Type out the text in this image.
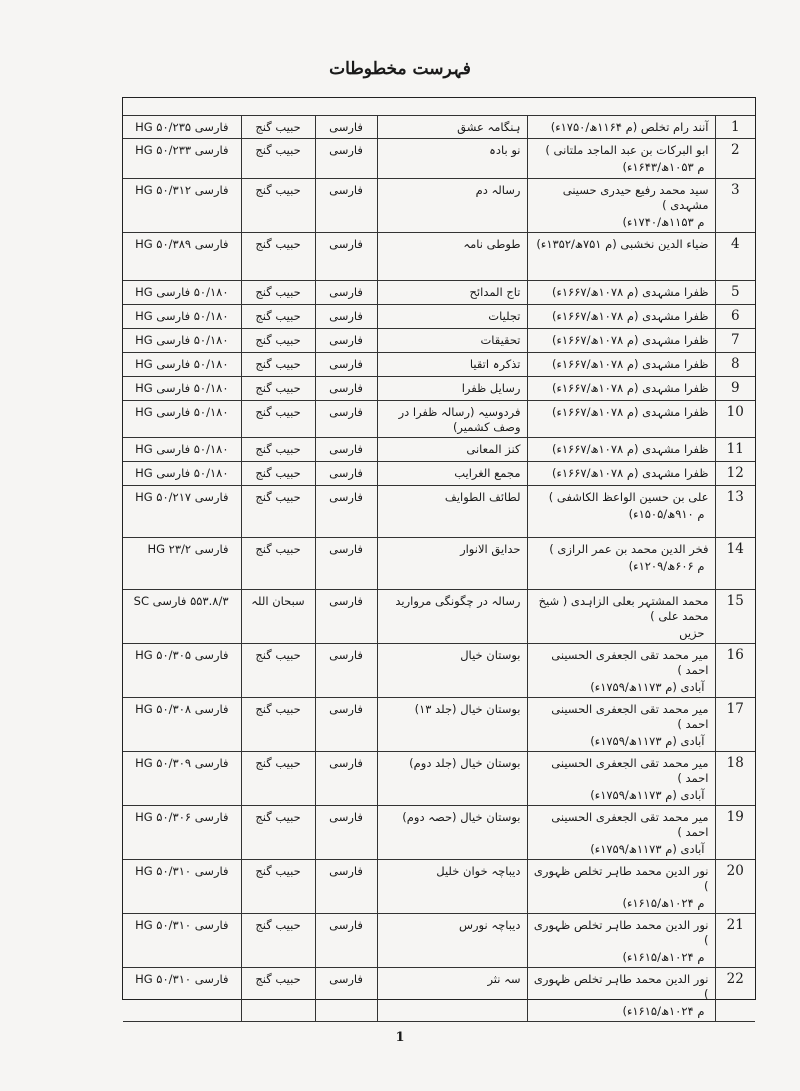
فہرست مخطوطات
فارسی ۵۰/۲۳۵ HG	حبیب گنج	فارسی	ہنگامہ عشق	آنند رام تخلص (م ۱۱۶۴ھ/۱۷۵۰ء)	1

فارسی ۵۰/۲۳۳ HG	حبیب گنج	فارسی	نو بادہ	ابو البرکات بن عبد الماجد ملتانی )
م ۱۰۵۳ھ/۱۶۴۳ء)	2

فارسی ۵۰/۳۱۲ HG	حبیب گنج	فارسی	رسالہ دم	سید محمد رفیع حیدری حسینی مشہدی )
م ۱۱۵۳ھ/۱۷۴۰ء)	3

فارسی ۵۰/۳۸۹ HG	حبیب گنج	فارسی	طوطی نامہ	ضیاء الدین نخشبی (م ۷۵۱ھ/۱۳۵۲ء)	4

۵۰/۱۸۰ فارسی HG	حبیب گنج	فارسی	تاج المدائح	ظفرا مشہدی (م ۱۰۷۸ھ/۱۶۶۷ء)	5

۵۰/۱۸۰ فارسی HG	حبیب گنج	فارسی	تجلیات	ظفرا مشہدی (م ۱۰۷۸ھ/۱۶۶۷ء)	6

۵۰/۱۸۰ فارسی HG	حبیب گنج	فارسی	تحقیقات	ظفرا مشہدی (م ۱۰۷۸ھ/۱۶۶۷ء)	7

۵۰/۱۸۰ فارسی HG	حبیب گنج	فارسی	تذکرہ اتقیا	ظفرا مشہدی (م ۱۰۷۸ھ/۱۶۶۷ء)	8

۵۰/۱۸۰ فارسی HG	حبیب گنج	فارسی	رسایل ظفرا	ظفرا مشہدی (م ۱۰۷۸ھ/۱۶۶۷ء)	9

۵۰/۱۸۰ فارسی HG	حبیب گنج	فارسی	فردوسیہ (رسالہ ظفرا در وصف کشمیر)	ظفرا مشہدی (م ۱۰۷۸ھ/۱۶۶۷ء)	10

۵۰/۱۸۰ فارسی HG	حبیب گنج	فارسی	کنز المعانی	ظفرا مشہدی (م ۱۰۷۸ھ/۱۶۶۷ء)	11

۵۰/۱۸۰ فارسی HG	حبیب گنج	فارسی	مجمع الغرایب	ظفرا مشہدی (م ۱۰۷۸ھ/۱۶۶۷ء)	12

فارسی ۵۰/۲۱۷ HG	حبیب گنج	فارسی	لطائف الطوایف	علی بن حسین الواعظ الکاشفی )
م ۹۱۰ھ/۱۵۰۵ء)	13

فارسی ۲۳/۲ HG	حبیب گنج	فارسی	حدایق الانوار	فخر الدین محمد بن عمر الرازی )
م ۶۰۶ھ/۱۲۰۹ء)	14

۵۵۳.۸/۳ فارسی SC	سبحان اللہ	فارسی	رسالہ در چگونگی مروارید	محمد المشتہر بعلی الزاہدی ( شیخ محمد علی )
حزیں	15

فارسی ۵۰/۳۰۵ HG	حبیب گنج	فارسی	بوستان خیال	میر محمد تقی الجعفری الحسینی احمد )
آبادی (م ۱۱۷۳ھ/۱۷۵۹ء)	16

فارسی ۵۰/۳۰۸ HG	حبیب گنج	فارسی	بوستان خیال (جلد ۱۳)	میر محمد تقی الجعفری الحسینی احمد )
آبادی (م ۱۱۷۳ھ/۱۷۵۹ء)	17

فارسی ۵۰/۳۰۹ HG	حبیب گنج	فارسی	بوستان خیال (جلد دوم)	میر محمد تقی الجعفری الحسینی احمد )
آبادی (م ۱۱۷۳ھ/۱۷۵۹ء)	18

فارسی ۵۰/۳۰۶ HG	حبیب گنج	فارسی	بوستان خیال (حصہ دوم)	میر محمد تقی الجعفری الحسینی احمد )
آبادی (م ۱۱۷۳ھ/۱۷۵۹ء)	19

فارسی ۵۰/۳۱۰ HG	حبیب گنج	فارسی	دیباچہ خوان خلیل	نور الدین محمد طاہر تخلص ظہوری )
م ۱۰۲۴ھ/۱۶۱۵ء)	20

فارسی ۵۰/۳۱۰ HG	حبیب گنج	فارسی	دیباچہ نورس	نور الدین محمد طاہر تخلص ظہوری )
م ۱۰۲۴ھ/۱۶۱۵ء)	21

فارسی ۵۰/۳۱۰ HG	حبیب گنج	فارسی	سہ نثر	نور الدین محمد طاہر تخلص ظہوری )
م ۱۰۲۴ھ/۱۶۱۵ء)	22
1
